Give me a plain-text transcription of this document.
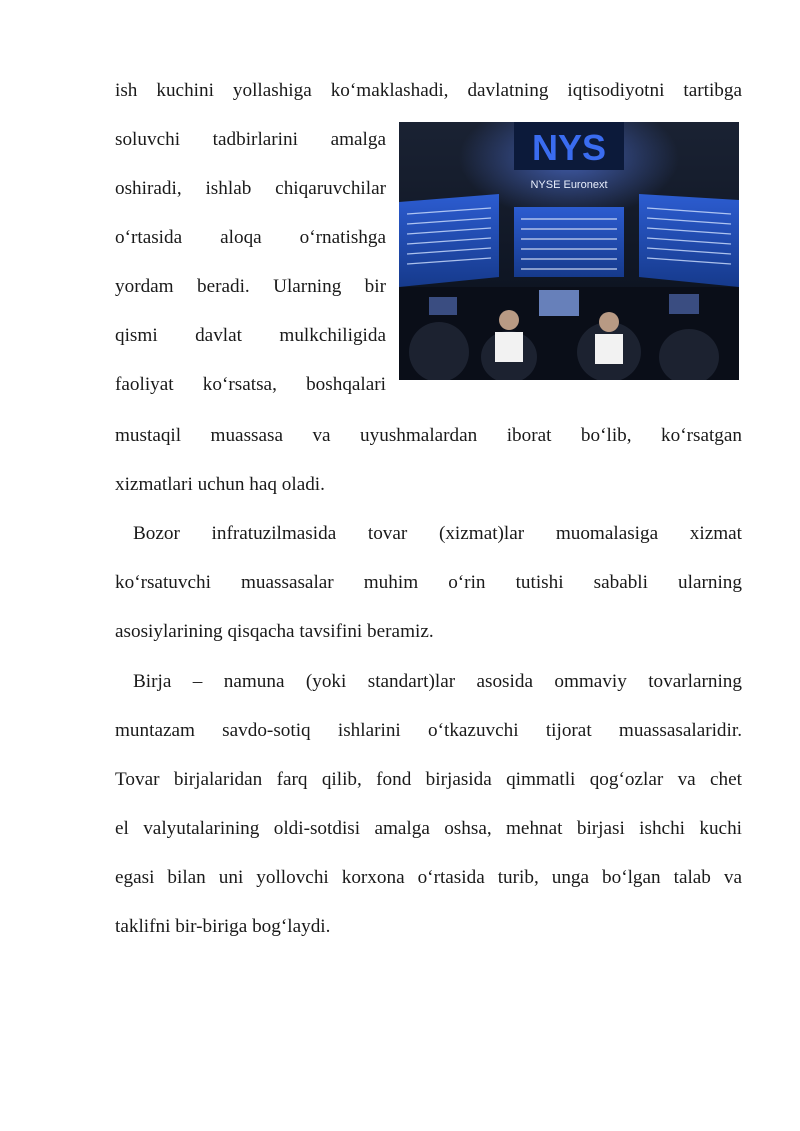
ish kuchini yollashiga koʻmaklashadi, davlatning iqtisodiyotni tartibga
soluvchi tadbirlarini amalga
oshiradi, ishlab chiqaruvchilar
oʻrtasida aloqa oʻrnatishga
yordam beradi. Ularning bir
qismi davlat mulkchiligida
faoliyat koʻrsatsa, boshqalari
NYS
NYSE Euronext
mustaqil muassasa va uyushmalardan iborat boʻlib, koʻrsatgan
xizmatlari uchun haq oladi.
Bozor infratuzilmasida tovar (xizmat)lar muomalasiga xizmat
koʻrsatuvchi muassasalar muhim oʻrin tutishi sababli ularning
asosiylarining qisqacha tavsifini beramiz.
Birja – namuna (yoki standart)lar asosida ommaviy tovarlarning
muntazam savdo-sotiq ishlarini oʻtkazuvchi tijorat muassasalaridir.
Tovar birjalaridan farq qilib, fond birjasida qimmatli qogʻozlar va chet
el valyutalarining oldi-sotdisi amalga oshsa, mehnat birjasi ishchi kuchi
egasi bilan uni yollovchi korxona oʻrtasida turib, unga boʻlgan talab va
taklifni bir-biriga bogʻlaydi.
